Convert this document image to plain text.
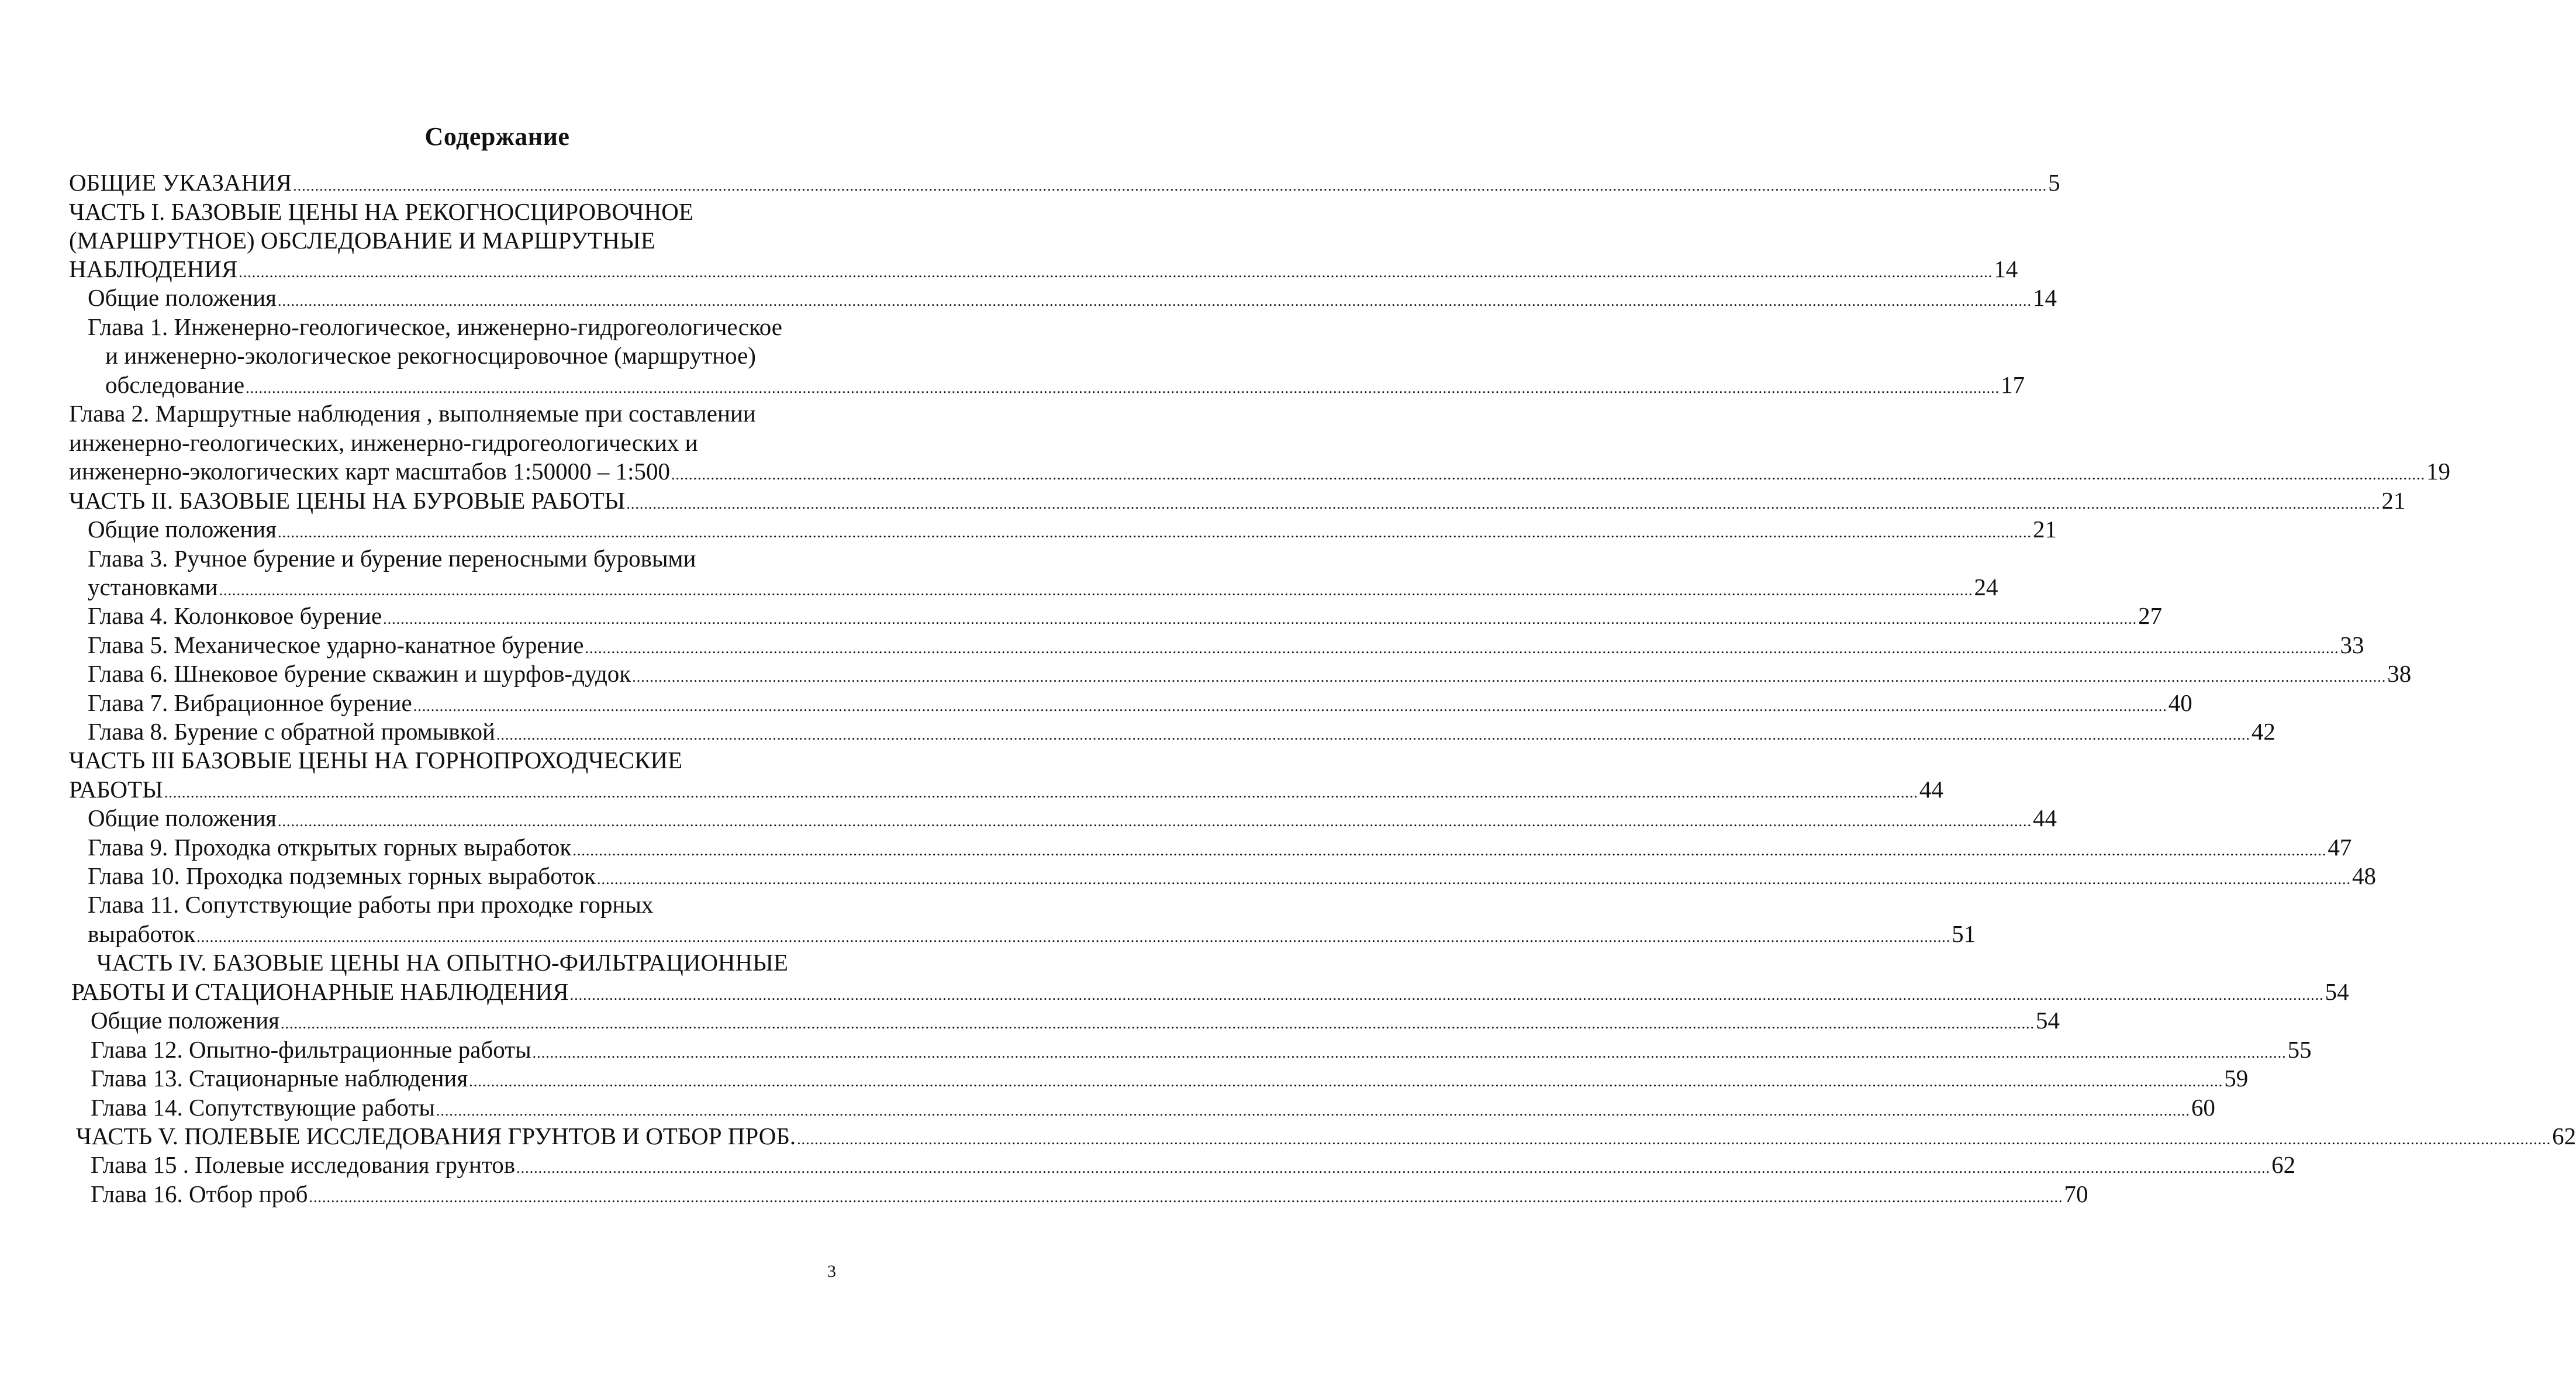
Содержание
ОБЩИЕ УКАЗАНИЯ ................................................................................................................................................................................................................................................................................................................................................................................................................ 5
ЧАСТЬ I. БАЗОВЫЕ ЦЕНЫ НА РЕКОГНОСЦИРОВОЧНОЕ
(МАРШРУТНОЕ) ОБСЛЕДОВАНИЕ И МАРШРУТНЫЕ
НАБЛЮДЕНИЯ ................................................................................................................................................................................................................................................................................................................................................................................................................ 14
Общие положения ................................................................................................................................................................................................................................................................................................................................................................................................................ 14
Глава 1. Инженерно-геологическое, инженерно-гидрогеологическое
и инженерно-экологическое рекогносцировочное (маршрутное)
обследование ................................................................................................................................................................................................................................................................................................................................................................................................................ 17
Глава 2. Маршрутные наблюдения , выполняемые при составлении
инженерно-геологических, инженерно-гидрогеологических и
инженерно-экологических карт масштабов 1:50000 – 1:500 ................................................................................................................................................................................................................................................................................................................................................................................................................ 19
ЧАСТЬ II. БАЗОВЫЕ ЦЕНЫ НА БУРОВЫЕ РАБОТЫ ................................................................................................................................................................................................................................................................................................................................................................................................................ 21
Общие положения ................................................................................................................................................................................................................................................................................................................................................................................................................ 21
Глава 3. Ручное бурение и бурение переносными буровыми
установками ................................................................................................................................................................................................................................................................................................................................................................................................................ 24
Глава 4. Колонковое бурение ................................................................................................................................................................................................................................................................................................................................................................................................................ 27
Глава 5. Механическое ударно-канатное бурение ................................................................................................................................................................................................................................................................................................................................................................................................................ 33
Глава 6. Шнековое бурение скважин и шурфов-дудок ................................................................................................................................................................................................................................................................................................................................................................................................................ 38
Глава 7. Вибрационное бурение ................................................................................................................................................................................................................................................................................................................................................................................................................ 40
Глава 8. Бурение с обратной промывкой ................................................................................................................................................................................................................................................................................................................................................................................................................ 42
ЧАСТЬ III БАЗОВЫЕ ЦЕНЫ НА ГОРНОПРОХОДЧЕСКИЕ
РАБОТЫ ................................................................................................................................................................................................................................................................................................................................................................................................................ 44
Общие положения ................................................................................................................................................................................................................................................................................................................................................................................................................ 44
Глава 9. Проходка открытых горных выработок ................................................................................................................................................................................................................................................................................................................................................................................................................ 47
Глава 10. Проходка подземных горных выработок ................................................................................................................................................................................................................................................................................................................................................................................................................ 48
Глава 11. Сопутствующие работы при проходке горных
выработок ................................................................................................................................................................................................................................................................................................................................................................................................................ 51
ЧАСТЬ IV. БАЗОВЫЕ ЦЕНЫ НА ОПЫТНО-ФИЛЬТРАЦИОННЫЕ
РАБОТЫ И СТАЦИОНАРНЫЕ НАБЛЮДЕНИЯ ................................................................................................................................................................................................................................................................................................................................................................................................................ 54
Общие положения ................................................................................................................................................................................................................................................................................................................................................................................................................ 54
Глава 12. Опытно-фильтрационные работы ................................................................................................................................................................................................................................................................................................................................................................................................................ 55
Глава 13. Стационарные наблюдения ................................................................................................................................................................................................................................................................................................................................................................................................................ 59
Глава 14. Сопутствующие работы ................................................................................................................................................................................................................................................................................................................................................................................................................ 60
ЧАСТЬ V. ПОЛЕВЫЕ ИССЛЕДОВАНИЯ ГРУНТОВ И ОТБОР ПРОБ. ................................................................................................................................................................................................................................................................................................................................................................................................................ 62
Глава 15 . Полевые исследования грунтов ................................................................................................................................................................................................................................................................................................................................................................................................................ 62
Глава 16. Отбор проб ................................................................................................................................................................................................................................................................................................................................................................................................................ 70
3
